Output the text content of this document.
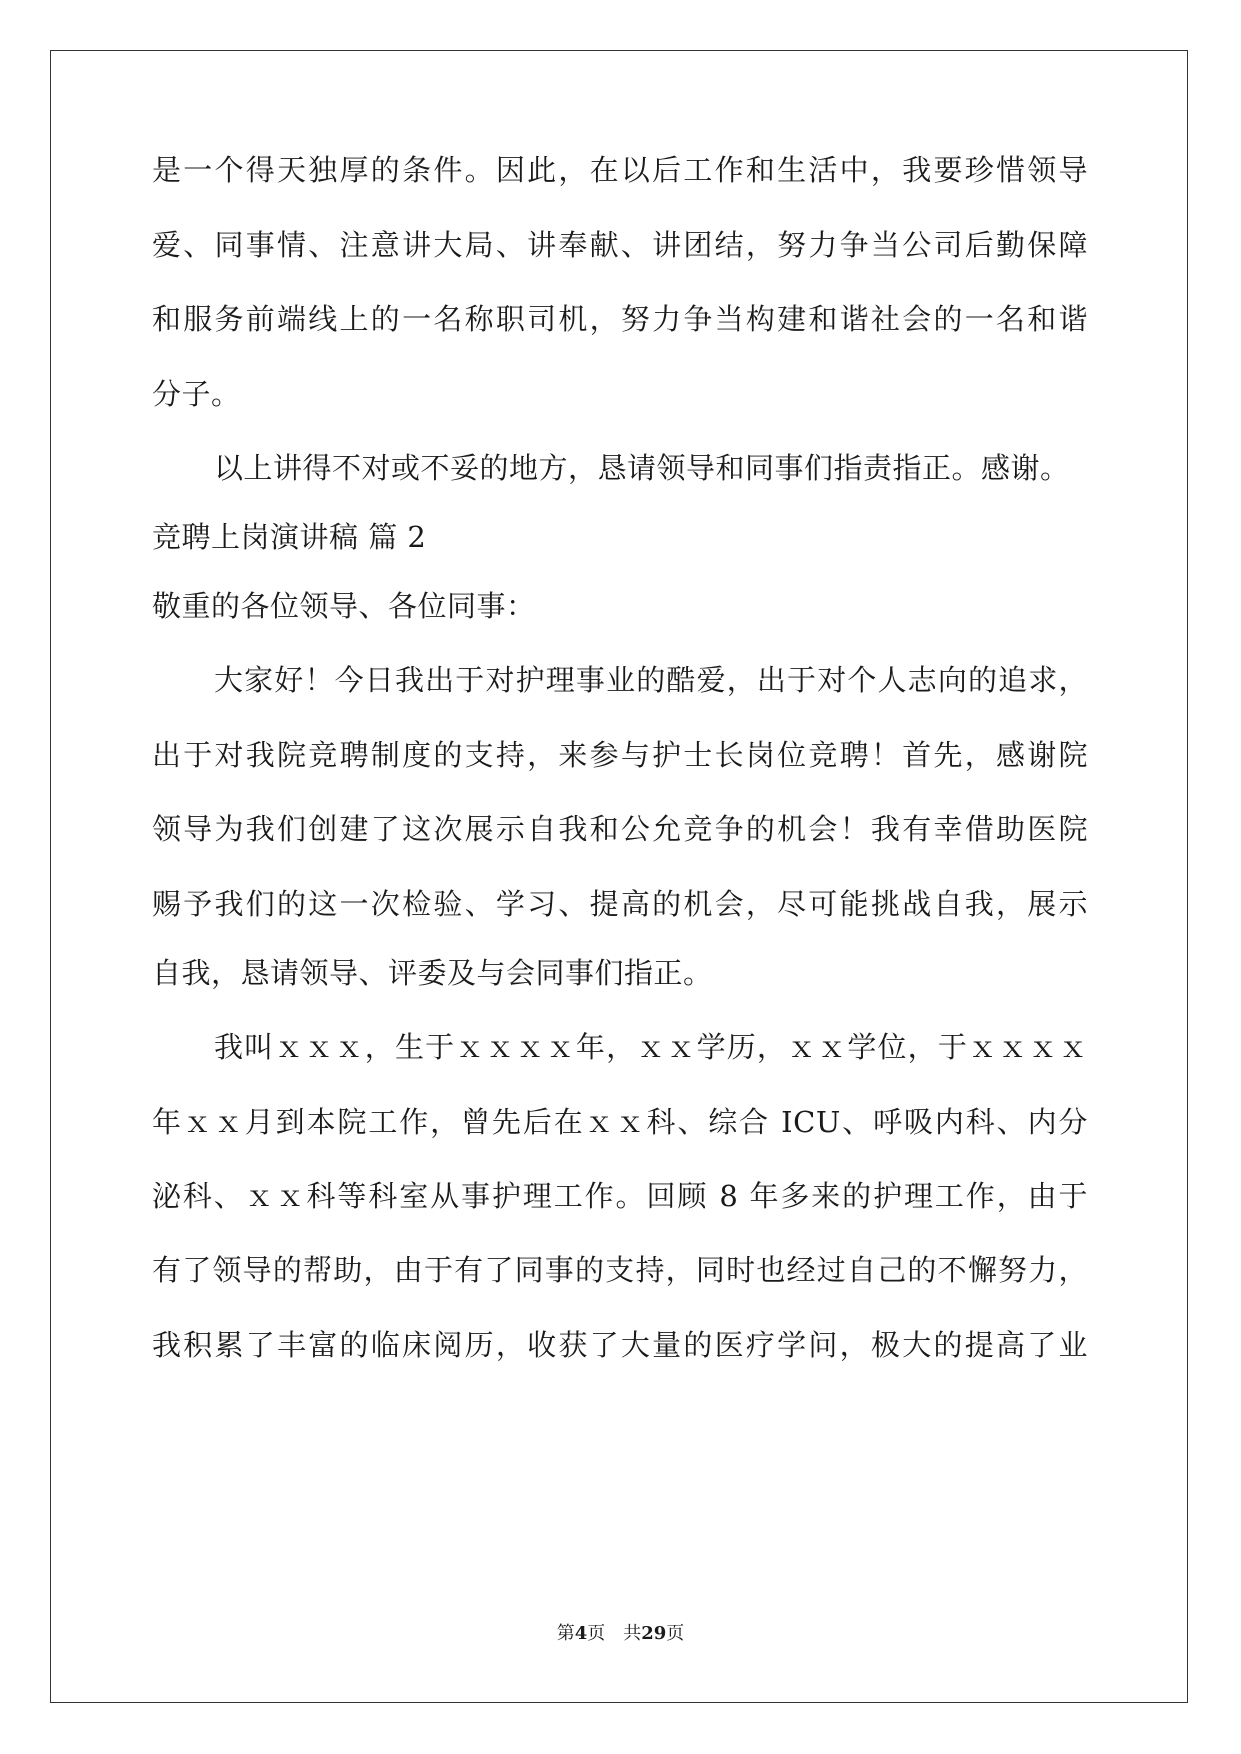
是一个得天独厚的条件。因此，在以后工作和生活中，我要珍惜领导
爱、同事情、注意讲大局、讲奉献、讲团结，努力争当公司后勤保障
和服务前端线上的一名称职司机，努力争当构建和谐社会的一名和谐
分子。
以上讲得不对或不妥的地方，恳请领导和同事们指责指正。感谢。
竞聘上岗演讲稿 篇 2
敬重的各位领导、各位同事：
大家好！今日我出于对护理事业的酷爱，出于对个人志向的追求，
出于对我院竞聘制度的支持，来参与护士长岗位竞聘！首先，感谢院
领导为我们创建了这次展示自我和公允竞争的机会！我有幸借助医院
赐予我们的这一次检验、学习、提高的机会，尽可能挑战自我，展示
自我，恳请领导、评委及与会同事们指正。
我叫ｘｘｘ，生于ｘｘｘｘ年，ｘｘ学历，ｘｘ学位，于ｘｘｘｘ
年ｘｘ月到本院工作，曾先后在ｘｘ科、综合 ICU、呼吸内科、内分
泌科、ｘｘ科等科室从事护理工作。回顾 8 年多来的护理工作，由于
有了领导的帮助，由于有了同事的支持，同时也经过自己的不懈努力，
我积累了丰富的临床阅历，收获了大量的医疗学问，极大的提高了业
第4页 共29页
